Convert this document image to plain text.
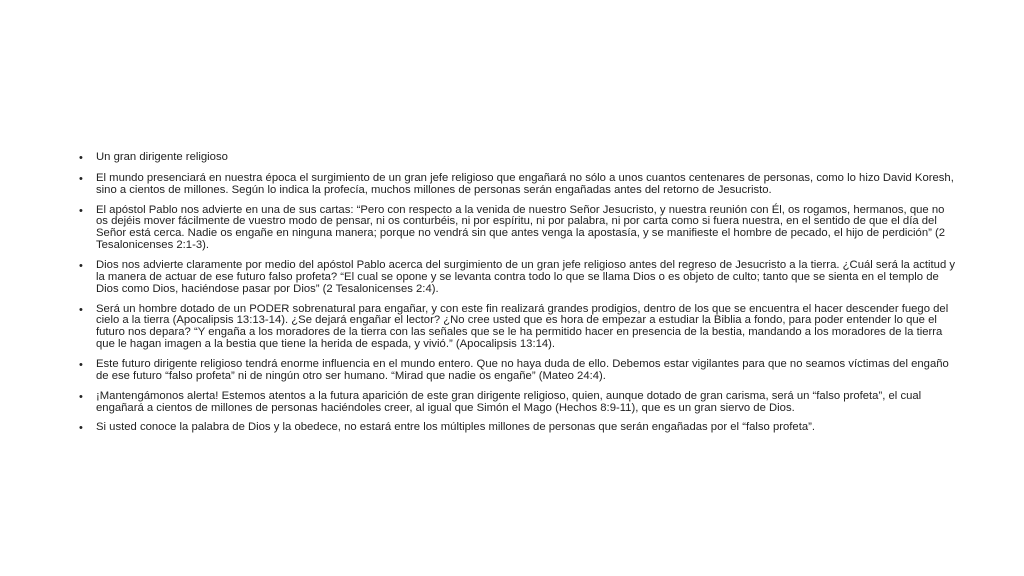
• Un gran dirigente religioso
• El mundo presenciará en nuestra época el surgimiento de un gran jefe religioso que engañará no sólo a unos cuantos centenares de personas, como lo hizo David Koresh, sino a cientos de millones. Según lo indica la profecía, muchos millones de personas serán engañadas antes del retorno de Jesucristo.
• El apóstol Pablo nos advierte en una de sus cartas: “Pero con respecto a la venida de nuestro Señor Jesucristo, y nuestra reunión con Él, os rogamos, hermanos, que no os dejéis mover fácilmente de vuestro modo de pensar, ni os conturbéis, ni por espíritu, ni por palabra, ni por carta como si fuera nuestra, en el sentido de que el día del Señor está cerca. Nadie os engañe en ninguna manera; porque no vendrá sin que antes venga la apostasía, y se manifieste el hombre de pecado, el hijo de perdición” (2 Tesalonicenses 2:1-3).
• Dios nos advierte claramente por medio del apóstol Pablo acerca del surgimiento de un gran jefe religioso antes del regreso de Jesucristo a la tierra. ¿Cuál será la actitud y la manera de actuar de ese futuro falso profeta? “El cual se opone y se levanta contra todo lo que se llama Dios o es objeto de culto; tanto que se sienta en el templo de Dios como Dios, haciéndose pasar por Dios” (2 Tesalonicenses 2:4).
• Será un hombre dotado de un PODER sobrenatural para engañar, y con este fin realizará grandes prodigios, dentro de los que se encuentra el hacer descender fuego del cielo a la tierra (Apocalipsis 13:13-14). ¿Se dejará engañar el lector? ¿No cree usted que es hora de empezar a estudiar la Biblia a fondo, para poder entender lo que el futuro nos depara? “Y engaña a los moradores de la tierra con las señales que se le ha permitido hacer en presencia de la bestia, mandando a los moradores de la tierra que le hagan imagen a la bestia que tiene la herida de espada, y vivió.” (Apocalipsis 13:14).
• Este futuro dirigente religioso tendrá enorme influencia en el mundo entero. Que no haya duda de ello. Debemos estar vigilantes para que no seamos víctimas del engaño de ese futuro “falso profeta” ni de ningún otro ser humano. “Mirad que nadie os engañe” (Mateo 24:4).
• ¡Mantengámonos alerta! Estemos atentos a la futura aparición de este gran dirigente religioso, quien, aunque dotado de gran carisma, será un “falso profeta”, el cual engañará a cientos de millones de personas haciéndoles creer, al igual que Simón el Mago (Hechos 8:9-11), que es un gran siervo de Dios.
• Si usted conoce la palabra de Dios y la obedece, no estará entre los múltiples millones de personas que serán engañadas por el “falso profeta”.
